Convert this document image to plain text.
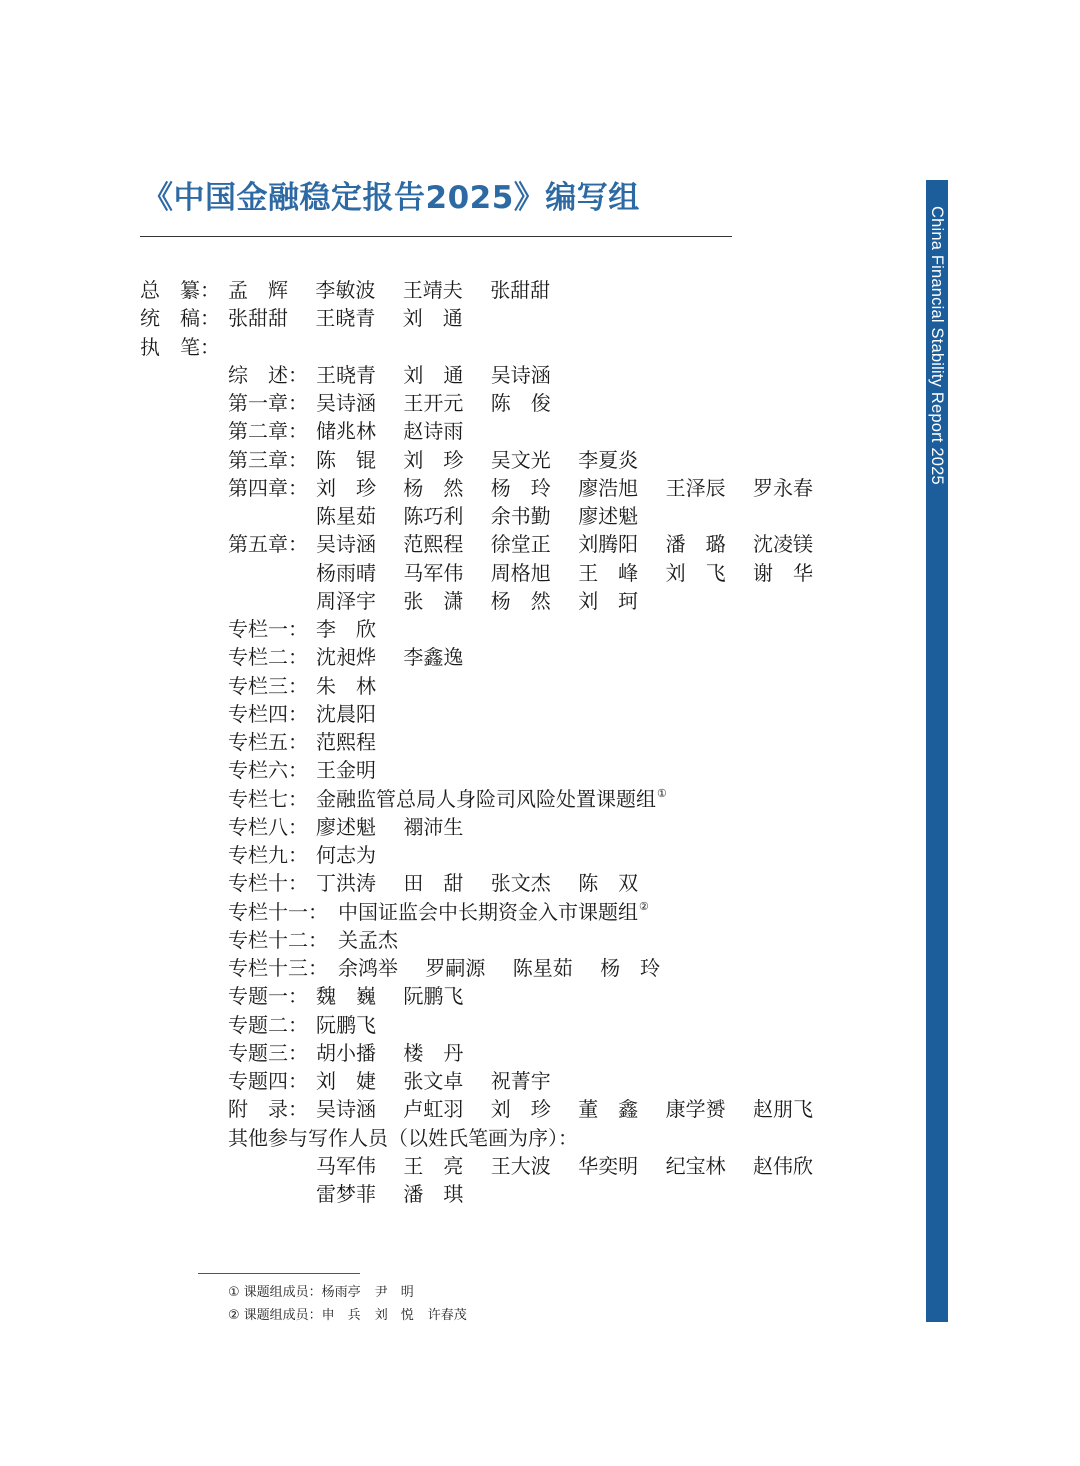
《中国金融稳定报告2025》编写组
China Financial Stability Report 2025
总　纂： 孟　辉 李敏波 王靖夫 张甜甜
统　稿： 张甜甜 王晓青 刘　通
执　笔：
综　述： 王晓青 刘　通 吴诗涵
第一章： 吴诗涵 王开元 陈　俊
第二章： 储兆林 赵诗雨
第三章： 陈　锟 刘　珍 吴文光 李夏炎
第四章： 刘　珍 杨　然 杨　玲 廖浩旭 王泽辰 罗永春
陈星茹 陈巧利 余书勤 廖述魁
第五章： 吴诗涵 范熙程 徐堂正 刘腾阳 潘　璐 沈凌镁
杨雨晴 马军伟 周格旭 王　峰 刘　飞 谢　华
周泽宇 张　潇 杨　然 刘　珂
专栏一： 李　欣
专栏二： 沈昶烨 李鑫逸
专栏三： 朱　林
专栏四： 沈晨阳
专栏五： 范熙程
专栏六： 王金明
专栏七： 金融监管总局人身险司风险处置课题组①
专栏八： 廖述魁 禤沛生
专栏九： 何志为
专栏十： 丁洪涛 田　甜 张文杰 陈　双
专栏十一： 中国证监会中长期资金入市课题组②
专栏十二： 关孟杰
专栏十三： 余鸿举 罗嗣源 陈星茹 杨　玲
专题一： 魏　巍 阮鹏飞
专题二： 阮鹏飞
专题三： 胡小播 楼　丹
专题四： 刘　婕 张文卓 祝菁宇
附　录： 吴诗涵 卢虹羽 刘　珍 董　鑫 康学赟 赵朋飞
其他参与写作人员（以姓氏笔画为序）：
马军伟 王　亮 王大波 华奕明 纪宝林 赵伟欣
雷梦菲 潘　琪
① 课题组成员：杨雨亭 尹　明
② 课题组成员：申　兵 刘　悦 许春茂
